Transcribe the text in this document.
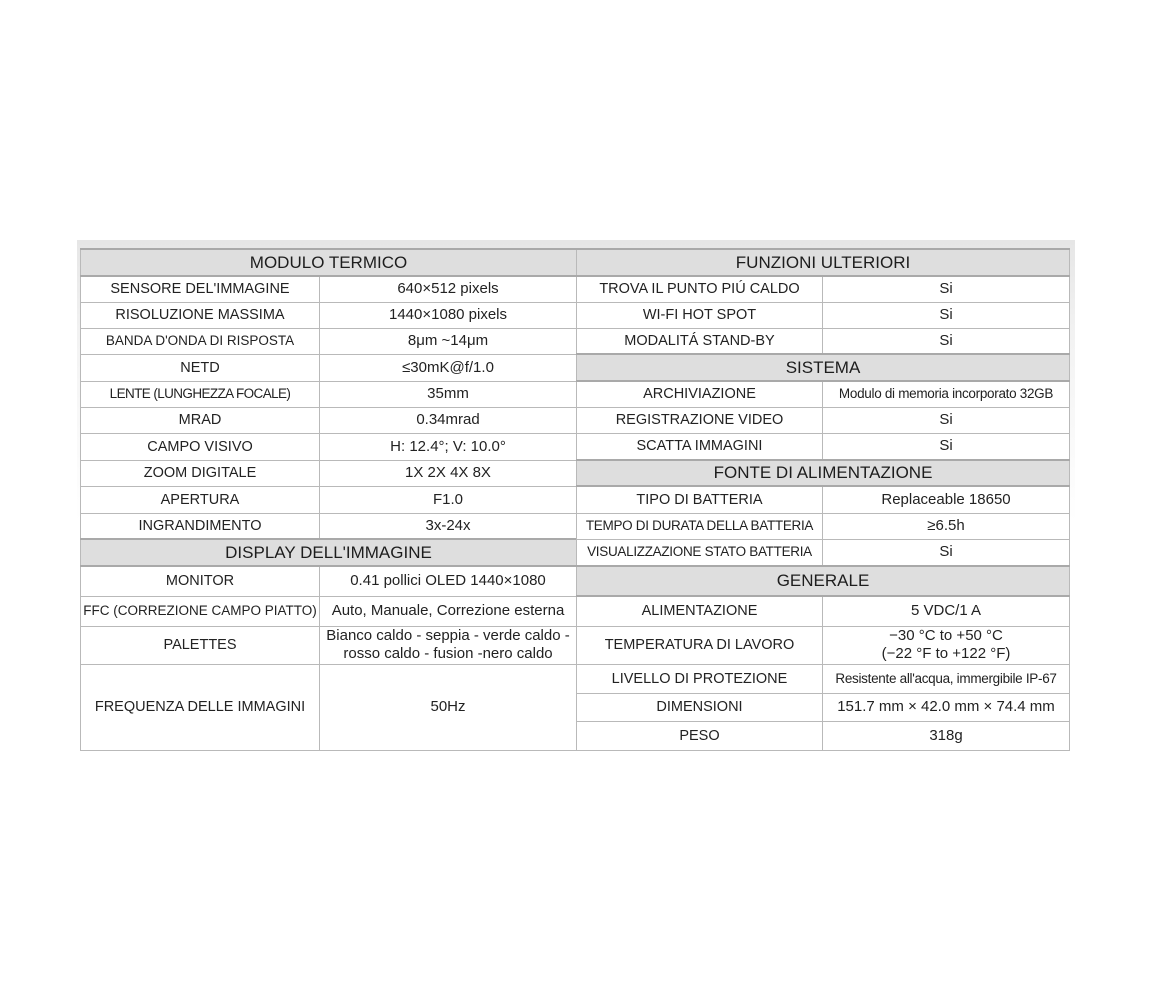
MODULO TERMICO	
SENSORE DEL'IMMAGINE	640×512 pixels
RISOLUZIONE MASSIMA	1440×1080 pixels
BANDA D'ONDA DI RISPOSTA	8μm ~14μm
NETD	≤30mK@f/1.0
LENTE (LUNGHEZZA FOCALE)	35mm
MRAD	0.34mrad
CAMPO VISIVO	H: 12.4°; V: 10.0°
ZOOM DIGITALE	1X 2X 4X 8X
APERTURA	F1.0
INGRANDIMENTO	3x-24x
DISPLAY DELL'IMMAGINE	
MONITOR	0.41 pollici OLED 1440×1080
FFC (CORREZIONE CAMPO PIATTO)	Auto, Manuale, Correzione esterna
PALETTES	Bianco caldo - seppia - verde caldo - rosso caldo - fusion -nero caldo
FREQUENZA DELLE IMMAGINI	50Hz
FUNZIONI ULTERIORI	
TROVA IL PUNTO PIÚ CALDO	Si
WI-FI HOT SPOT	Si
MODALITÁ STAND-BY	Si
SISTEMA	
ARCHIVIAZIONE	Modulo di memoria incorporato 32GB
REGISTRAZIONE VIDEO	Si
SCATTA IMMAGINI	Si
FONTE DI ALIMENTAZIONE	
TIPO DI BATTERIA	Replaceable 18650
TEMPO DI DURATA DELLA BATTERIA	≥6.5h
VISUALIZZAZIONE STATO BATTERIA	Si
GENERALE	
ALIMENTAZIONE	5 VDC/1 A
TEMPERATURA DI LAVORO	−30 °C to +50 °C
(−22 °F to +122 °F)

LIVELLO DI PROTEZIONE	Resistente all'acqua, immergibile IP-67
DIMENSIONI	151.7 mm × 42.0 mm × 74.4 mm
PESO	318g
